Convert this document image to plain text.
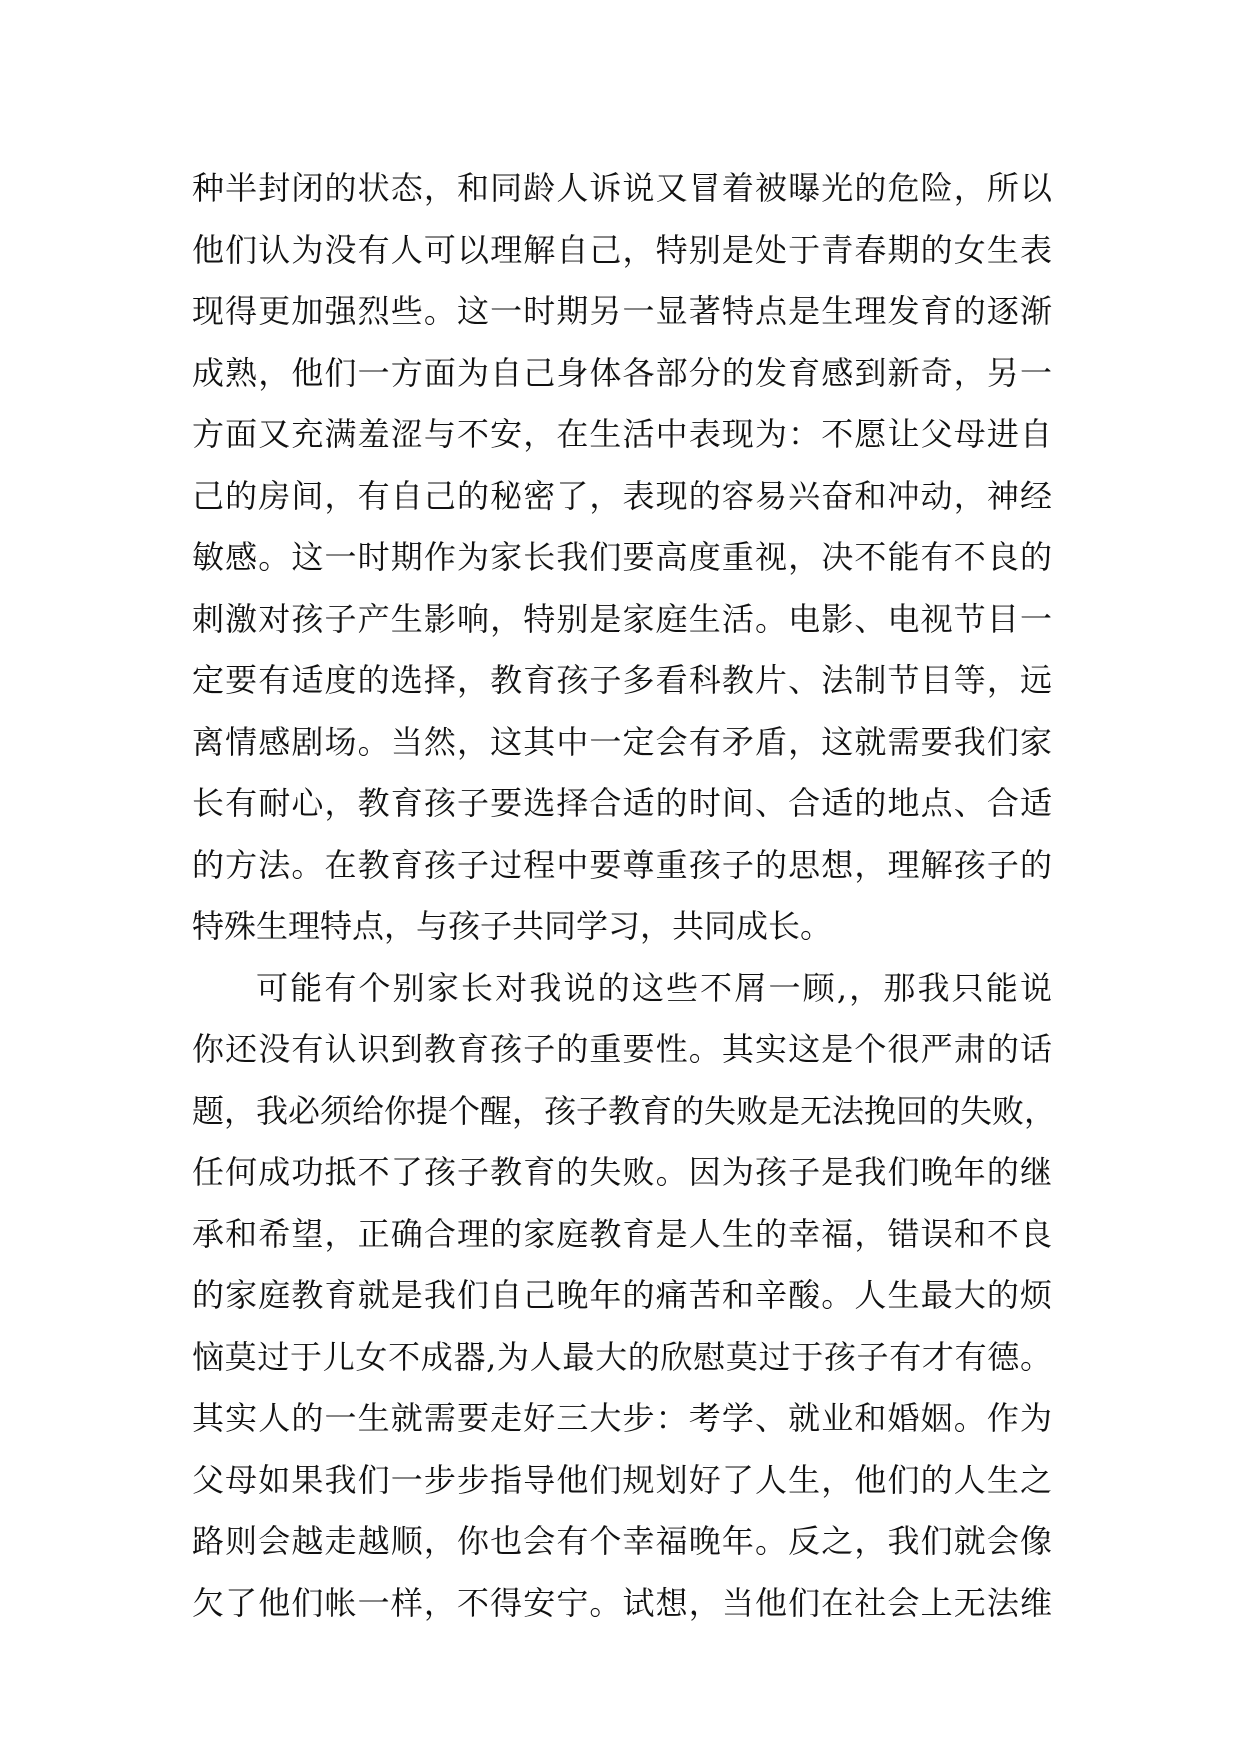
种半封闭的状态，和同龄人诉说又冒着被曝光的危险，所以
他们认为没有人可以理解自己，特别是处于青春期的女生表
现得更加强烈些。这一时期另一显著特点是生理发育的逐渐
成熟，他们一方面为自己身体各部分的发育感到新奇，另一
方面又充满羞涩与不安，在生活中表现为：不愿让父母进自
己的房间，有自己的秘密了，表现的容易兴奋和冲动，神经
敏感。这一时期作为家长我们要高度重视，决不能有不良的
刺激对孩子产生影响，特别是家庭生活。电影、电视节目一
定要有适度的选择，教育孩子多看科教片、法制节目等，远
离情感剧场。当然，这其中一定会有矛盾，这就需要我们家
长有耐心，教育孩子要选择合适的时间、合适的地点、合适
的方法。在教育孩子过程中要尊重孩子的思想，理解孩子的
特殊生理特点，与孩子共同学习，共同成长。
可能有个别家长对我说的这些不屑一顾,，那我只能说
你还没有认识到教育孩子的重要性。其实这是个很严肃的话
题，我必须给你提个醒，孩子教育的失败是无法挽回的失败，
任何成功抵不了孩子教育的失败。因为孩子是我们晚年的继
承和希望，正确合理的家庭教育是人生的幸福，错误和不良
的家庭教育就是我们自己晚年的痛苦和辛酸。人生最大的烦
恼莫过于儿女不成器,为人最大的欣慰莫过于孩子有才有德。
其实人的一生就需要走好三大步：考学、就业和婚姻。作为
父母如果我们一步步指导他们规划好了人生，他们的人生之
路则会越走越顺，你也会有个幸福晚年。反之，我们就会像
欠了他们帐一样，不得安宁。试想，当他们在社会上无法维
